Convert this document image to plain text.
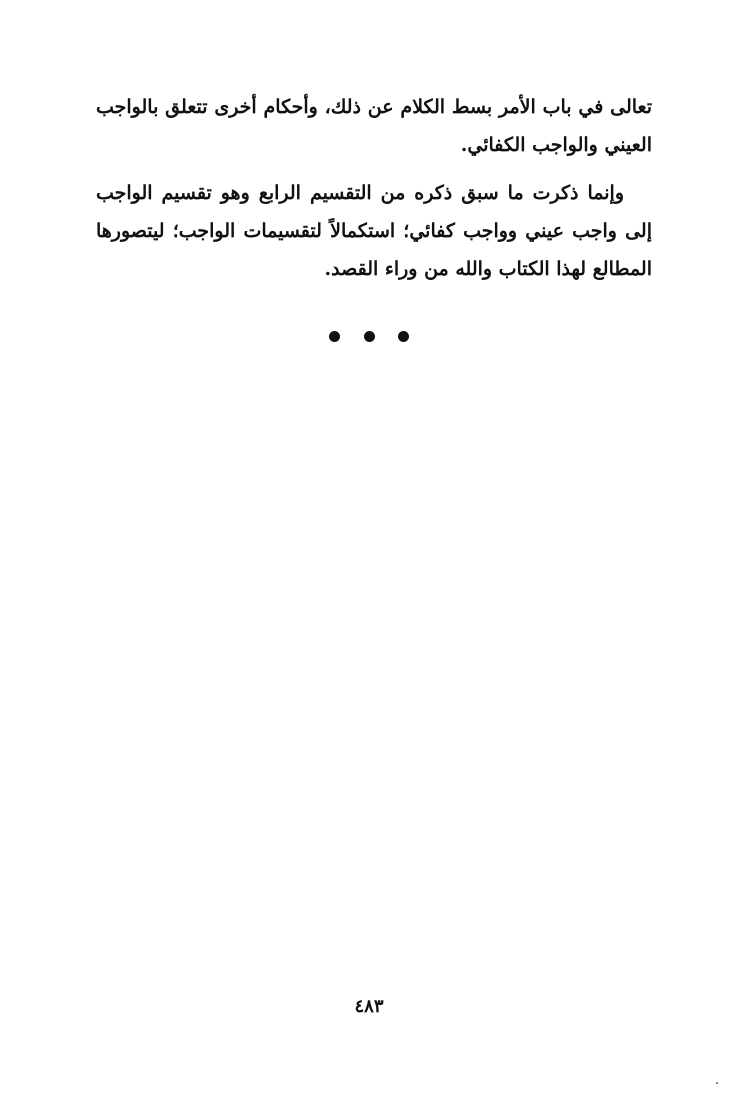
تعالى في باب الأمر بسط الكلام عن ذلك، وأحكام أخرى تتعلق بالواجب العيني والواجب الكفائي.

وإنما ذكرت ما سبق ذكره من التقسيم الرابع وهو تقسيم الواجب إلى واجب عيني وواجب كفائي؛ استكمالاً لتقسيمات الواجب؛ ليتصورها المطالع لهذا الكتاب والله من وراء القصد.

٤٨٣
